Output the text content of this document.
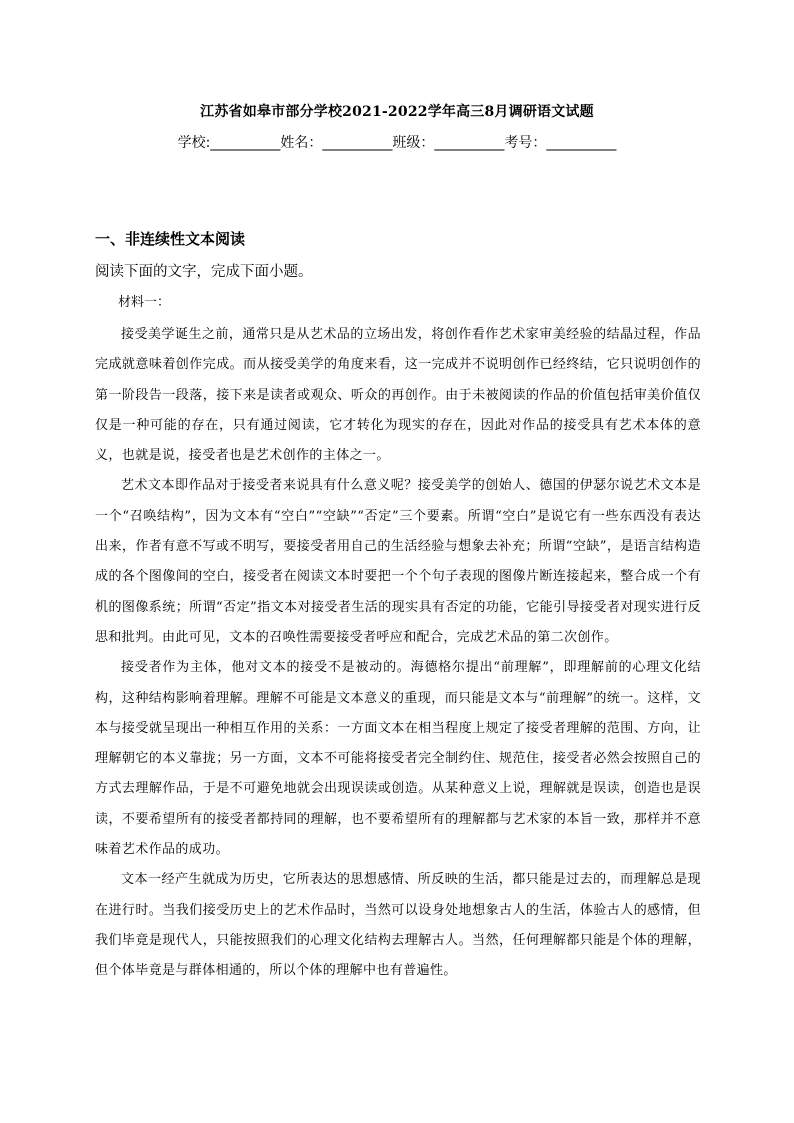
江苏省如皋市部分学校2021-2022学年高三8月调研语文试题
学校:__________姓名：__________班级：__________考号：__________
一、非连续性文本阅读
阅读下面的文字，完成下面小题。
材料一：

接受美学诞生之前，通常只是从艺术品的立场出发，将创作看作艺术家审美经验的结晶过程，作品完成就意味着创作完成。而从接受美学的角度来看，这一完成并不说明创作已经终结，它只说明创作的第一阶段告一段落，接下来是读者或观众、听众的再创作。由于未被阅读的作品的价值包括审美价值仅仅是一种可能的存在，只有通过阅读，它才转化为现实的存在，因此对作品的接受具有艺术本体的意义，也就是说，接受者也是艺术创作的主体之一。

艺术文本即作品对于接受者来说具有什么意义呢？接受美学的创始人、德国的伊瑟尔说艺术文本是一个“召唤结构”，因为文本有“空白”“空缺”“否定”三个要素。所谓“空白”是说它有一些东西没有表达出来，作者有意不写或不明写，要接受者用自己的生活经验与想象去补充；所谓“空缺”，是语言结构造成的各个图像间的空白，接受者在阅读文本时要把一个个句子表现的图像片断连接起来，整合成一个有机的图像系统；所谓“否定”指文本对接受者生活的现实具有否定的功能，它能引导接受者对现实进行反思和批判。由此可见，文本的召唤性需要接受者呼应和配合，完成艺术品的第二次创作。

接受者作为主体，他对文本的接受不是被动的。海德格尔提出“前理解”，即理解前的心理文化结构，这种结构影响着理解。理解不可能是文本意义的重现，而只能是文本与“前理解”的统一。这样，文本与接受就呈现出一种相互作用的关系：一方面文本在相当程度上规定了接受者理解的范围、方向，让理解朝它的本义靠拢；另一方面，文本不可能将接受者完全制约住、规范住，接受者必然会按照自己的方式去理解作品，于是不可避免地就会出现误读或创造。从某种意义上说，理解就是误读，创造也是误读，不要希望所有的接受者都持同的理解，也不要希望所有的理解都与艺术家的本旨一致，那样并不意味着艺术作品的成功。

文本一经产生就成为历史，它所表达的思想感情、所反映的生活，都只能是过去的，而理解总是现在进行时。当我们接受历史上的艺术作品时，当然可以设身处地想象古人的生活，体验古人的感情，但我们毕竟是现代人，只能按照我们的心理文化结构去理解古人。当然，任何理解都只能是个体的理解，但个体毕竟是与群体相通的，所以个体的理解中也有普遍性。
